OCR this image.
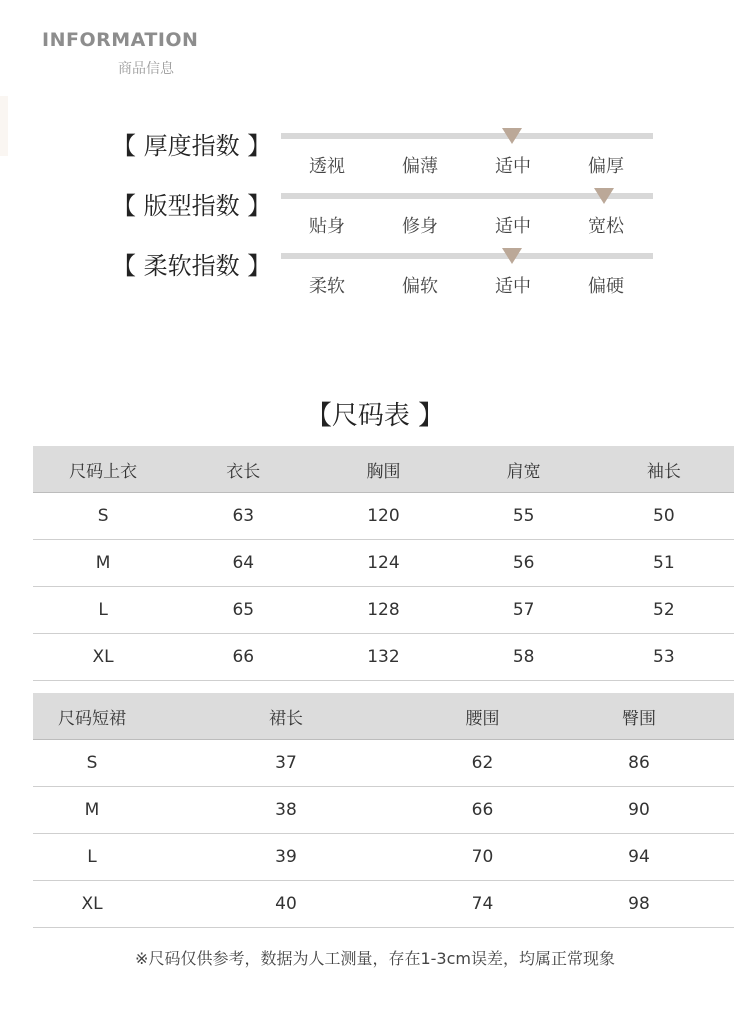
INFORMATION
商品信息
【 厚度指数 】
透视	偏薄	适中	偏厚
【 版型指数 】
贴身	修身	适中	宽松
【 柔软指数 】
柔软	偏软	适中	偏硬
【尺码表 】
尺码上衣	衣长	胸围	肩宽	袖长
S	63	120	55	50
M	64	124	56	51
L	65	128	57	52
XL	66	132	58	53
尺码短裙	裙长	腰围	臀围
S	37	62	86
M	38	66	90
L	39	70	94
XL	40	74	98
※尺码仅供参考，数据为人工测量，存在1-3cm误差，均属正常现象
